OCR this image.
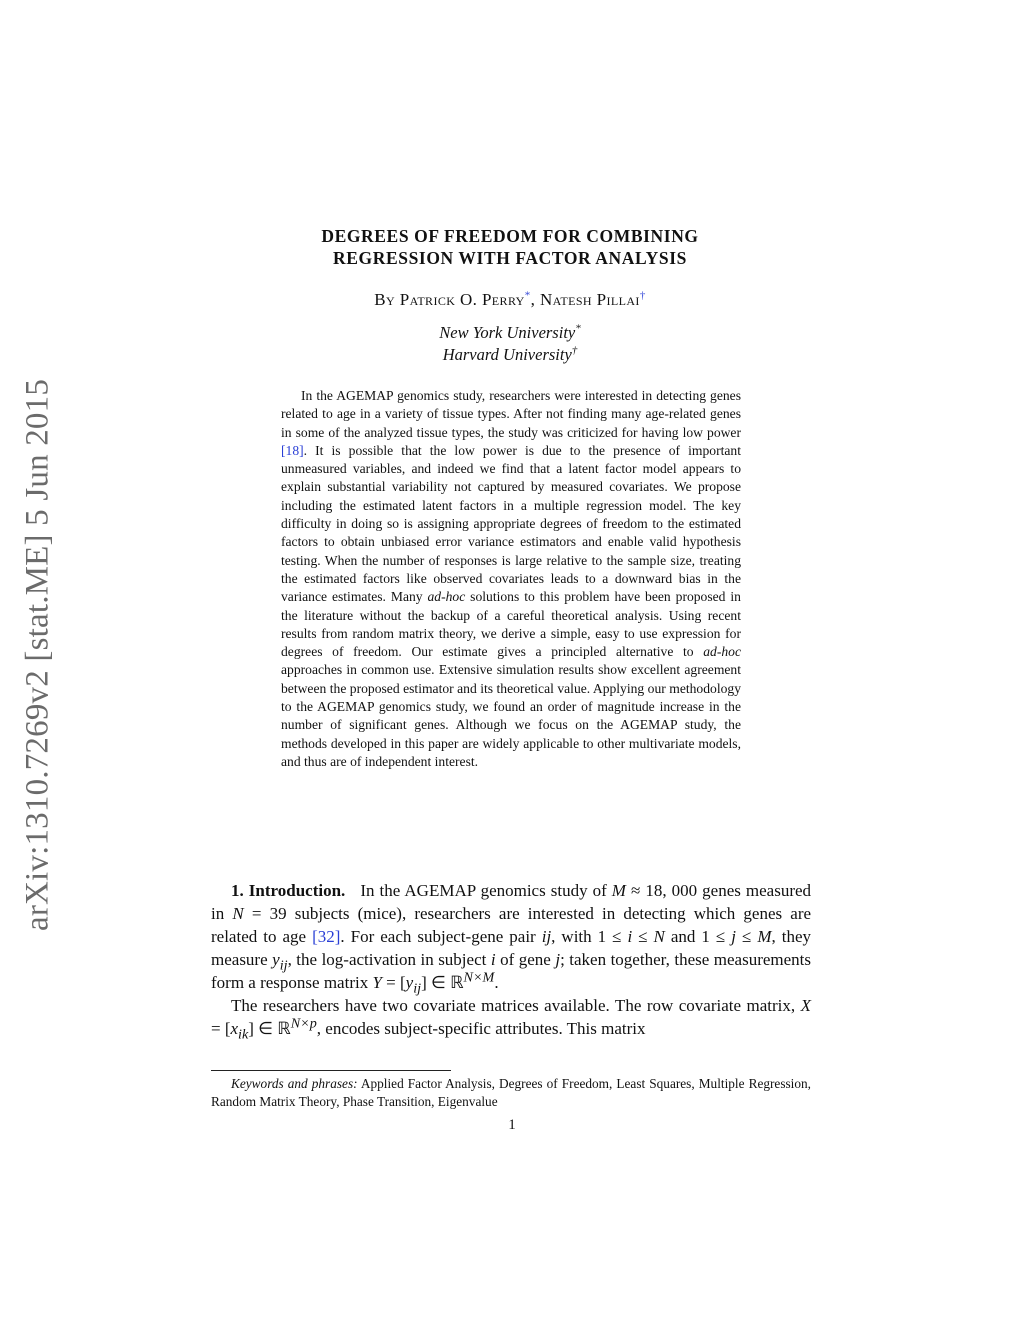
arXiv:1310.7269v2 [stat.ME] 5 Jun 2015
DEGREES OF FREEDOM FOR COMBINING
REGRESSION WITH FACTOR ANALYSIS
By Patrick O. Perry*, Natesh Pillai†
New York University*
Harvard University†

In the AGEMAP genomics study, researchers were interested in detecting genes related to age in a variety of tissue types. After not finding many age-related genes in some of the analyzed tissue types, the study was criticized for having low power [18]. It is possible that the low power is due to the presence of important unmeasured variables, and indeed we find that a latent factor model appears to explain substantial variability not captured by measured covariates. We propose including the estimated latent factors in a multiple regression model. The key difficulty in doing so is assigning appropriate degrees of freedom to the estimated factors to obtain unbiased error variance estimators and enable valid hypothesis testing. When the number of responses is large relative to the sample size, treating the estimated factors like observed covariates leads to a downward bias in the variance estimates. Many ad-hoc solutions to this problem have been proposed in the literature without the backup of a careful theoretical analysis. Using recent results from random matrix theory, we derive a simple, easy to use expression for degrees of freedom. Our estimate gives a principled alternative to ad-hoc approaches in common use. Extensive simulation results show excellent agreement between the proposed estimator and its theoretical value. Applying our methodology to the AGEMAP genomics study, we found an order of magnitude increase in the number of significant genes. Although we focus on the AGEMAP study, the methods developed in this paper are widely applicable to other multivariate models, and thus are of independent interest.

1. Introduction. In the AGEMAP genomics study of M ≈ 18, 000 genes measured in N = 39 subjects (mice), researchers are interested in detecting which genes are related to age [32]. For each subject-gene pair ij, with 1 ≤ i ≤ N and 1 ≤ j ≤ M, they measure $y_{ij}$, the log-activation in subject i of gene j; taken together, these measurements form a response matrix $Y = [y_{ij}]$ ∈ ℝ$^{N\times M}$.

The researchers have two covariate matrices available. The row covariate matrix, $X = [x_{ik}]$ ∈ ℝ$^{N\times p}$, encodes subject-specific attributes. This matrix

Keywords and phrases: Applied Factor Analysis, Degrees of Freedom, Least Squares, Multiple Regression, Random Matrix Theory, Phase Transition, Eigenvalue

1
